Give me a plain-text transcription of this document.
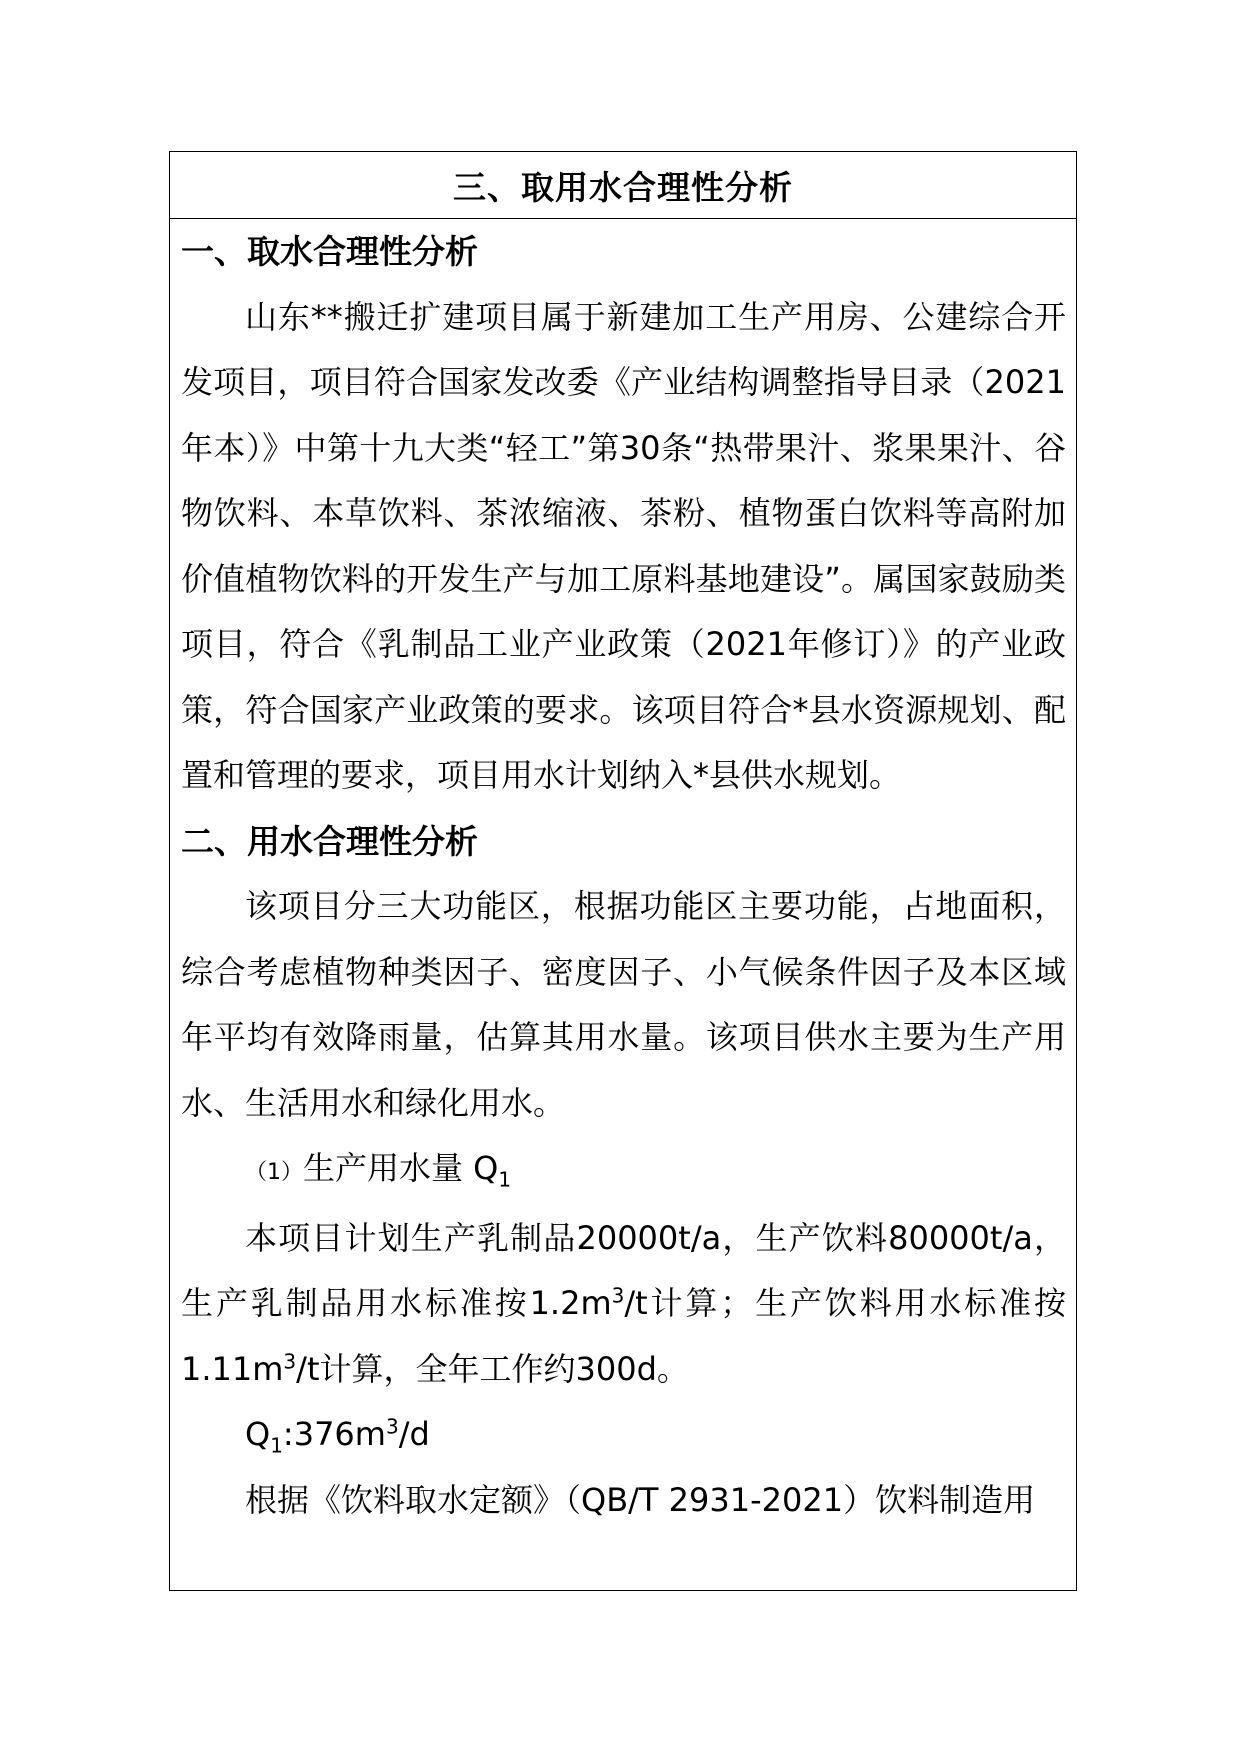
三、取用水合理性分析

一、取水合理性分析

山东**搬迁扩建项目属于新建加工生产用房、公建综合开发项目，项目符合国家发改委《产业结构调整指导目录（2021年本）》中第十九大类“轻工”第30条“热带果汁、浆果果汁、谷物饮料、本草饮料、茶浓缩液、茶粉、植物蛋白饮料等高附加价值植物饮料的开发生产与加工原料基地建设”。属国家鼓励类项目，符合《乳制品工业产业政策（2021年修订）》的产业政策，符合国家产业政策的要求。该项目符合*县水资源规划、配置和管理的要求，项目用水计划纳入*县供水规划。

二、用水合理性分析

该项目分三大功能区，根据功能区主要功能，占地面积，综合考虑植物种类因子、密度因子、小气候条件因子及本区域年平均有效降雨量，估算其用水量。该项目供水主要为生产用水、生活用水和绿化用水。

（1）生产用水量 $Q_1$

本项目计划生产乳制品20000t/a，生产饮料80000t/a，生产乳制品用水标准按$1.2m^3/t$计算；生产饮料用水标准按$1.11m^3/t$计算，全年工作约300d。

$Q_1:376m^3/d$

根据《饮料取水定额》（QB/T 2931-2021）饮料制造用
